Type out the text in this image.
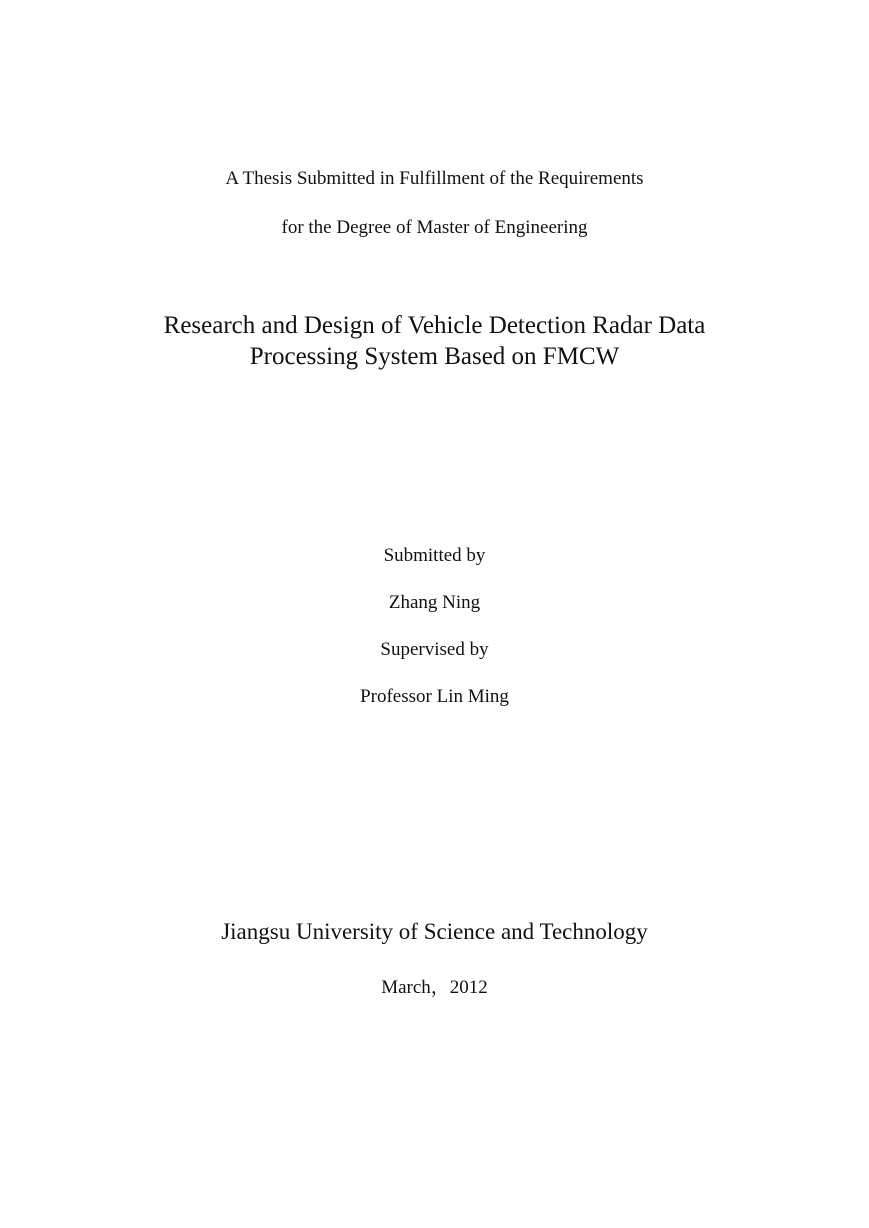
A Thesis Submitted in Fulfillment of the Requirements
for the Degree of Master of Engineering
Research and Design of Vehicle Detection Radar Data
Processing System Based on FMCW
Submitted by
Zhang Ning
Supervised by
Professor Lin Ming
Jiangsu University of Science and Technology
March，2012
